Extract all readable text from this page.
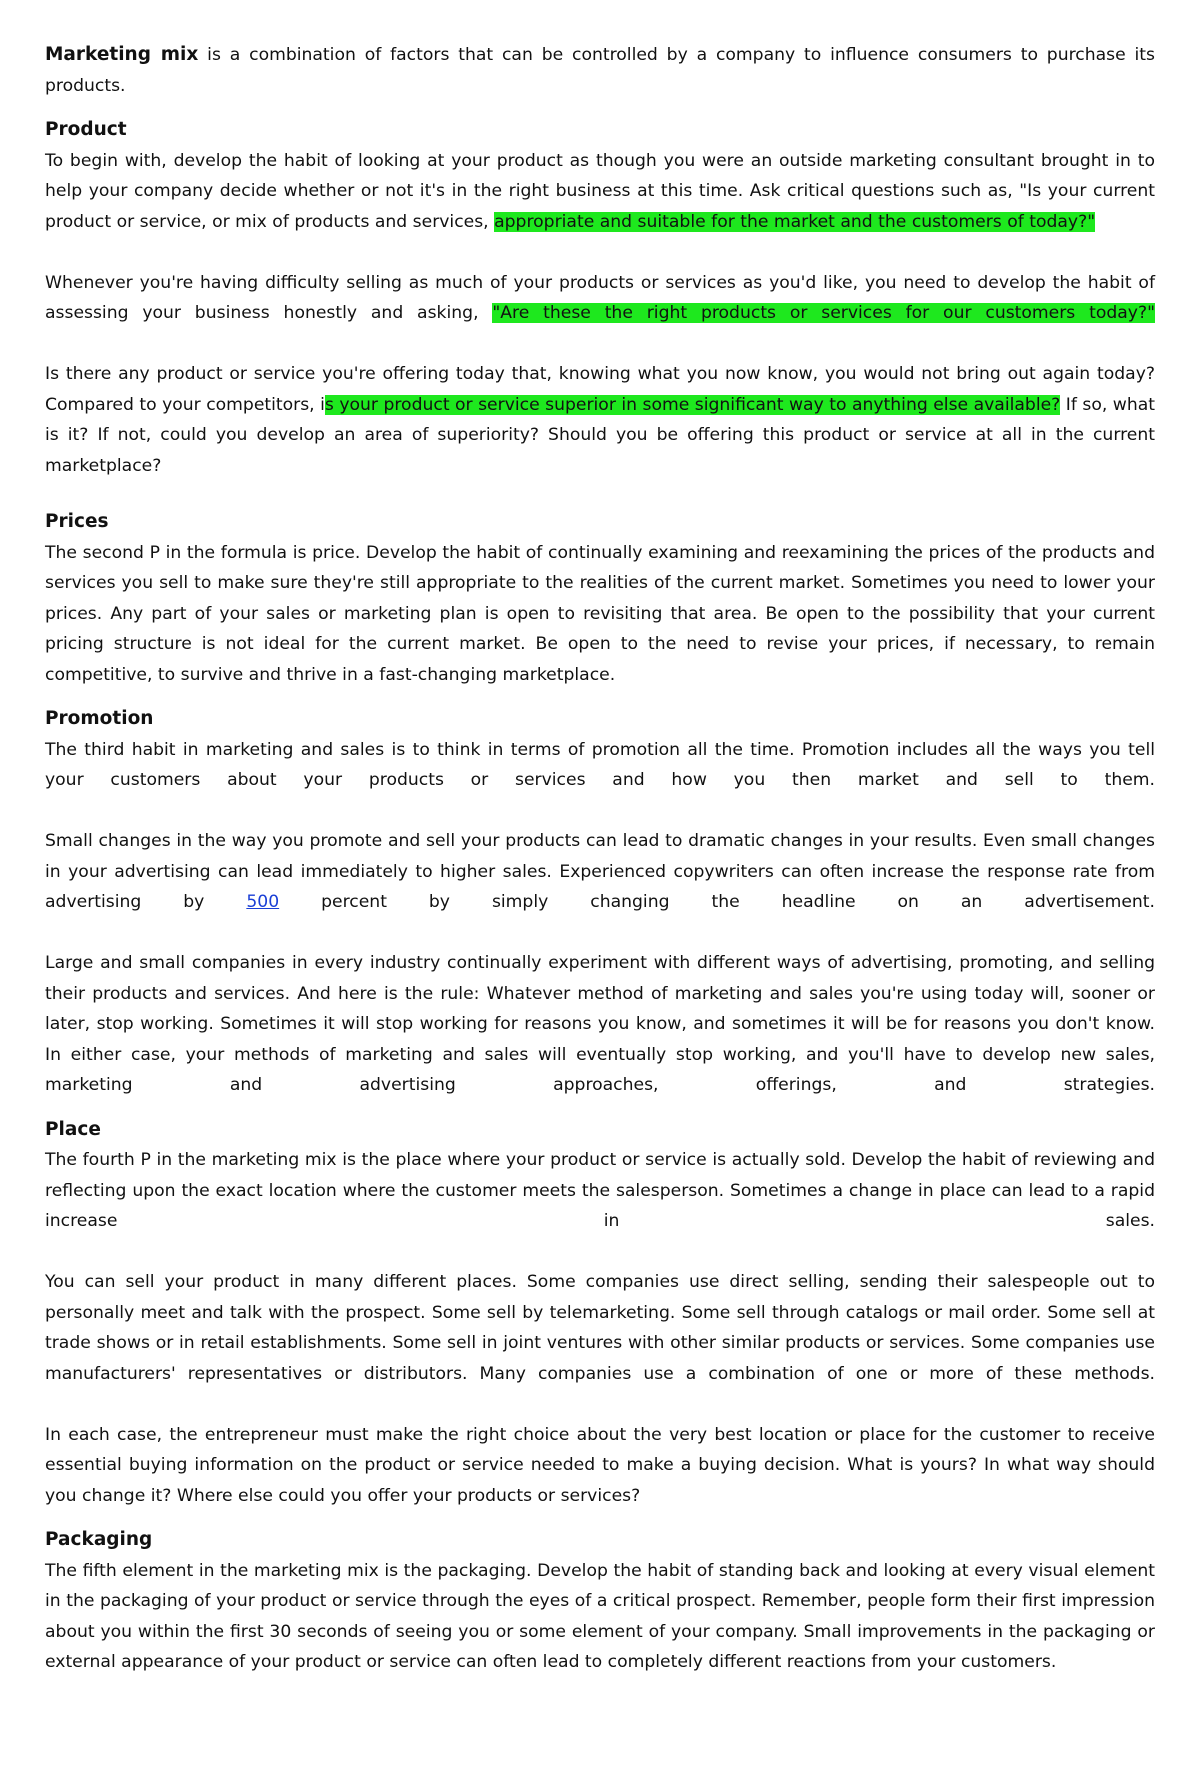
Marketing mix is a combination of factors that can be controlled by a company to influence consumers to purchase its products.

Product

To begin with, develop the habit of looking at your product as though you were an outside marketing consultant brought in to help your company decide whether or not it's in the right business at this time. Ask critical questions such as, "Is your current product or service, or mix of products and services, appropriate and suitable for the market and the customers of today?"

Whenever you're having difficulty selling as much of your products or services as you'd like, you need to develop the habit of assessing your business honestly and asking, "Are these the right products or services for our customers today?"

Is there any product or service you're offering today that, knowing what you now know, you would not bring out again today? Compared to your competitors, is your product or service superior in some significant way to anything else available? If so, what is it? If not, could you develop an area of superiority? Should you be offering this product or service at all in the current marketplace?

Prices

The second P in the formula is price. Develop the habit of continually examining and reexamining the prices of the products and services you sell to make sure they're still appropriate to the realities of the current market. Sometimes you need to lower your prices. Any part of your sales or marketing plan is open to revisiting that area. Be open to the possibility that your current pricing structure is not ideal for the current market. Be open to the need to revise your prices, if necessary, to remain competitive, to survive and thrive in a fast-changing marketplace.

Promotion

The third habit in marketing and sales is to think in terms of promotion all the time. Promotion includes all the ways you tell your customers about your products or services and how you then market and sell to them.

Small changes in the way you promote and sell your products can lead to dramatic changes in your results. Even small changes in your advertising can lead immediately to higher sales. Experienced copywriters can often increase the response rate from advertising by 500 percent by simply changing the headline on an advertisement.

Large and small companies in every industry continually experiment with different ways of advertising, promoting, and selling their products and services. And here is the rule: Whatever method of marketing and sales you're using today will, sooner or later, stop working. Sometimes it will stop working for reasons you know, and sometimes it will be for reasons you don't know. In either case, your methods of marketing and sales will eventually stop working, and you'll have to develop new sales, marketing and advertising approaches, offerings, and strategies.

Place

The fourth P in the marketing mix is the place where your product or service is actually sold. Develop the habit of reviewing and reflecting upon the exact location where the customer meets the salesperson. Sometimes a change in place can lead to a rapid increase in sales.

You can sell your product in many different places. Some companies use direct selling, sending their salespeople out to personally meet and talk with the prospect. Some sell by telemarketing. Some sell through catalogs or mail order. Some sell at trade shows or in retail establishments. Some sell in joint ventures with other similar products or services. Some companies use manufacturers' representatives or distributors. Many companies use a combination of one or more of these methods.

In each case, the entrepreneur must make the right choice about the very best location or place for the customer to receive essential buying information on the product or service needed to make a buying decision. What is yours? In what way should you change it? Where else could you offer your products or services?

Packaging

The fifth element in the marketing mix is the packaging. Develop the habit of standing back and looking at every visual element in the packaging of your product or service through the eyes of a critical prospect. Remember, people form their first impression about you within the first 30 seconds of seeing you or some element of your company. Small improvements in the packaging or external appearance of your product or service can often lead to completely different reactions from your customers.
